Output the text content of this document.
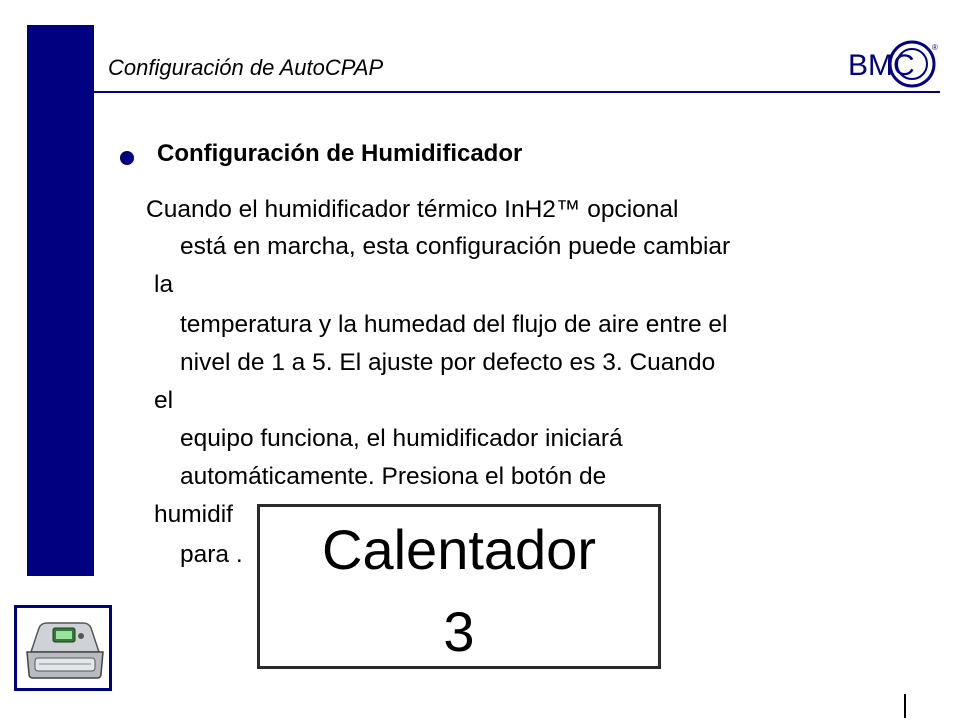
Configuración de AutoCPAP	BMC
®
Configuración de Humidificador
Cuando el humidificador térmico InH2™ opcional
está en marcha, esta configuración puede cambiar
la
temperatura y la humedad del flujo de aire entre el
nivel de 1 a 5. El ajuste por defecto es 3. Cuando
el
equipo funciona, el humidificador iniciará
automáticamente. Presiona el botón de
humidif
para .	Calentador
3
